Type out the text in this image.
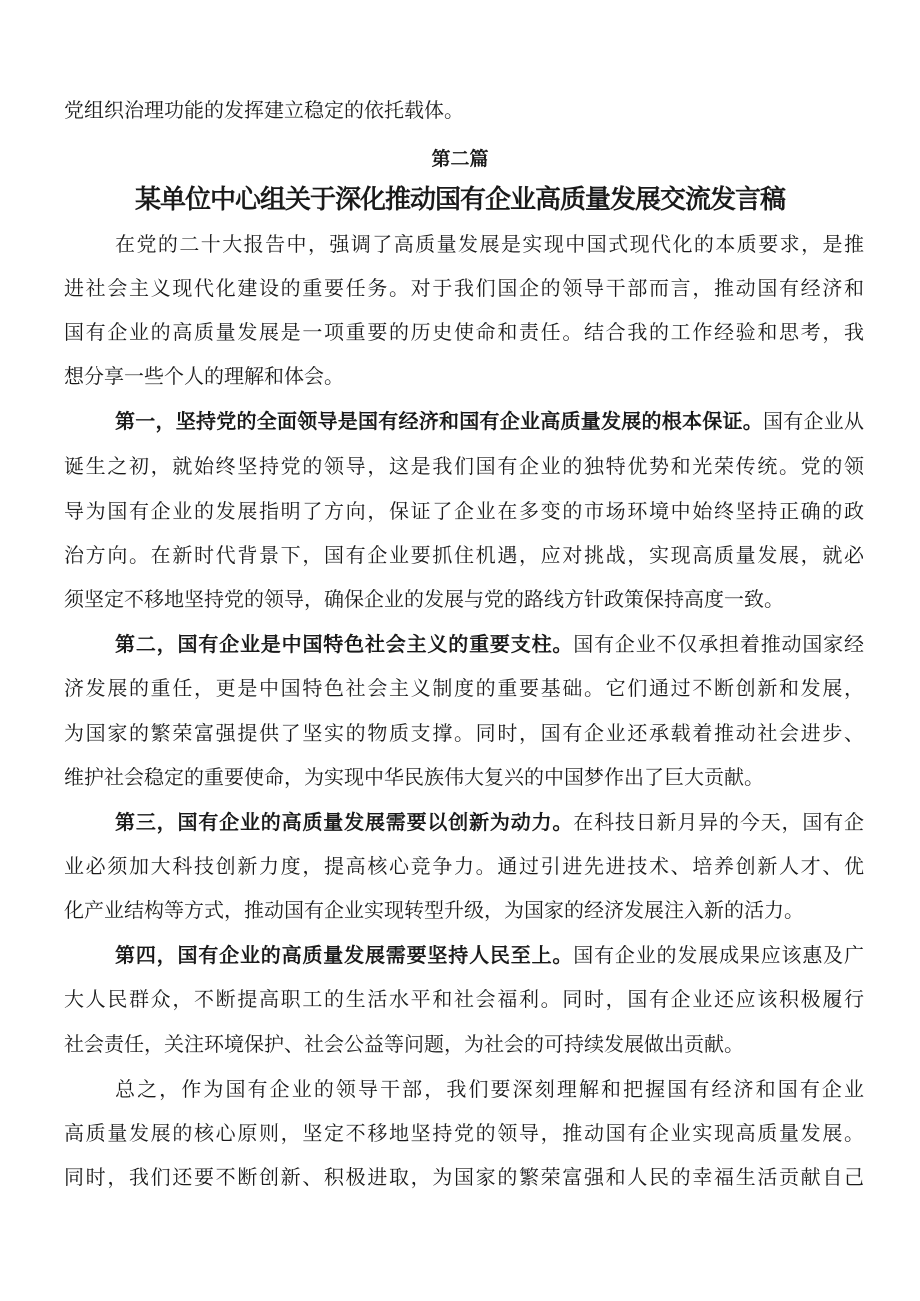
党组织治理功能的发挥建立稳定的依托载体。
第二篇
某单位中心组关于深化推动国有企业高质量发展交流发言稿
在党的二十大报告中，强调了高质量发展是实现中国式现代化的本质要求，是推
进社会主义现代化建设的重要任务。对于我们国企的领导干部而言，推动国有经济和
国有企业的高质量发展是一项重要的历史使命和责任。结合我的工作经验和思考，我
想分享一些个人的理解和体会。
第一，坚持党的全面领导是国有经济和国有企业高质量发展的根本保证。国有企业从
诞生之初，就始终坚持党的领导，这是我们国有企业的独特优势和光荣传统。党的领
导为国有企业的发展指明了方向，保证了企业在多变的市场环境中始终坚持正确的政
治方向。在新时代背景下，国有企业要抓住机遇，应对挑战，实现高质量发展，就必
须坚定不移地坚持党的领导，确保企业的发展与党的路线方针政策保持高度一致。
第二，国有企业是中国特色社会主义的重要支柱。国有企业不仅承担着推动国家经
济发展的重任，更是中国特色社会主义制度的重要基础。它们通过不断创新和发展，
为国家的繁荣富强提供了坚实的物质支撑。同时，国有企业还承载着推动社会进步、
维护社会稳定的重要使命，为实现中华民族伟大复兴的中国梦作出了巨大贡献。
第三，国有企业的高质量发展需要以创新为动力。在科技日新月异的今天，国有企
业必须加大科技创新力度，提高核心竞争力。通过引进先进技术、培养创新人才、优
化产业结构等方式，推动国有企业实现转型升级，为国家的经济发展注入新的活力。
第四，国有企业的高质量发展需要坚持人民至上。国有企业的发展成果应该惠及广
大人民群众，不断提高职工的生活水平和社会福利。同时，国有企业还应该积极履行
社会责任，关注环境保护、社会公益等问题，为社会的可持续发展做出贡献。
总之，作为国有企业的领导干部，我们要深刻理解和把握国有经济和国有企业
高质量发展的核心原则，坚定不移地坚持党的领导，推动国有企业实现高质量发展。
同时，我们还要不断创新、积极进取，为国家的繁荣富强和人民的幸福生活贡献自己
